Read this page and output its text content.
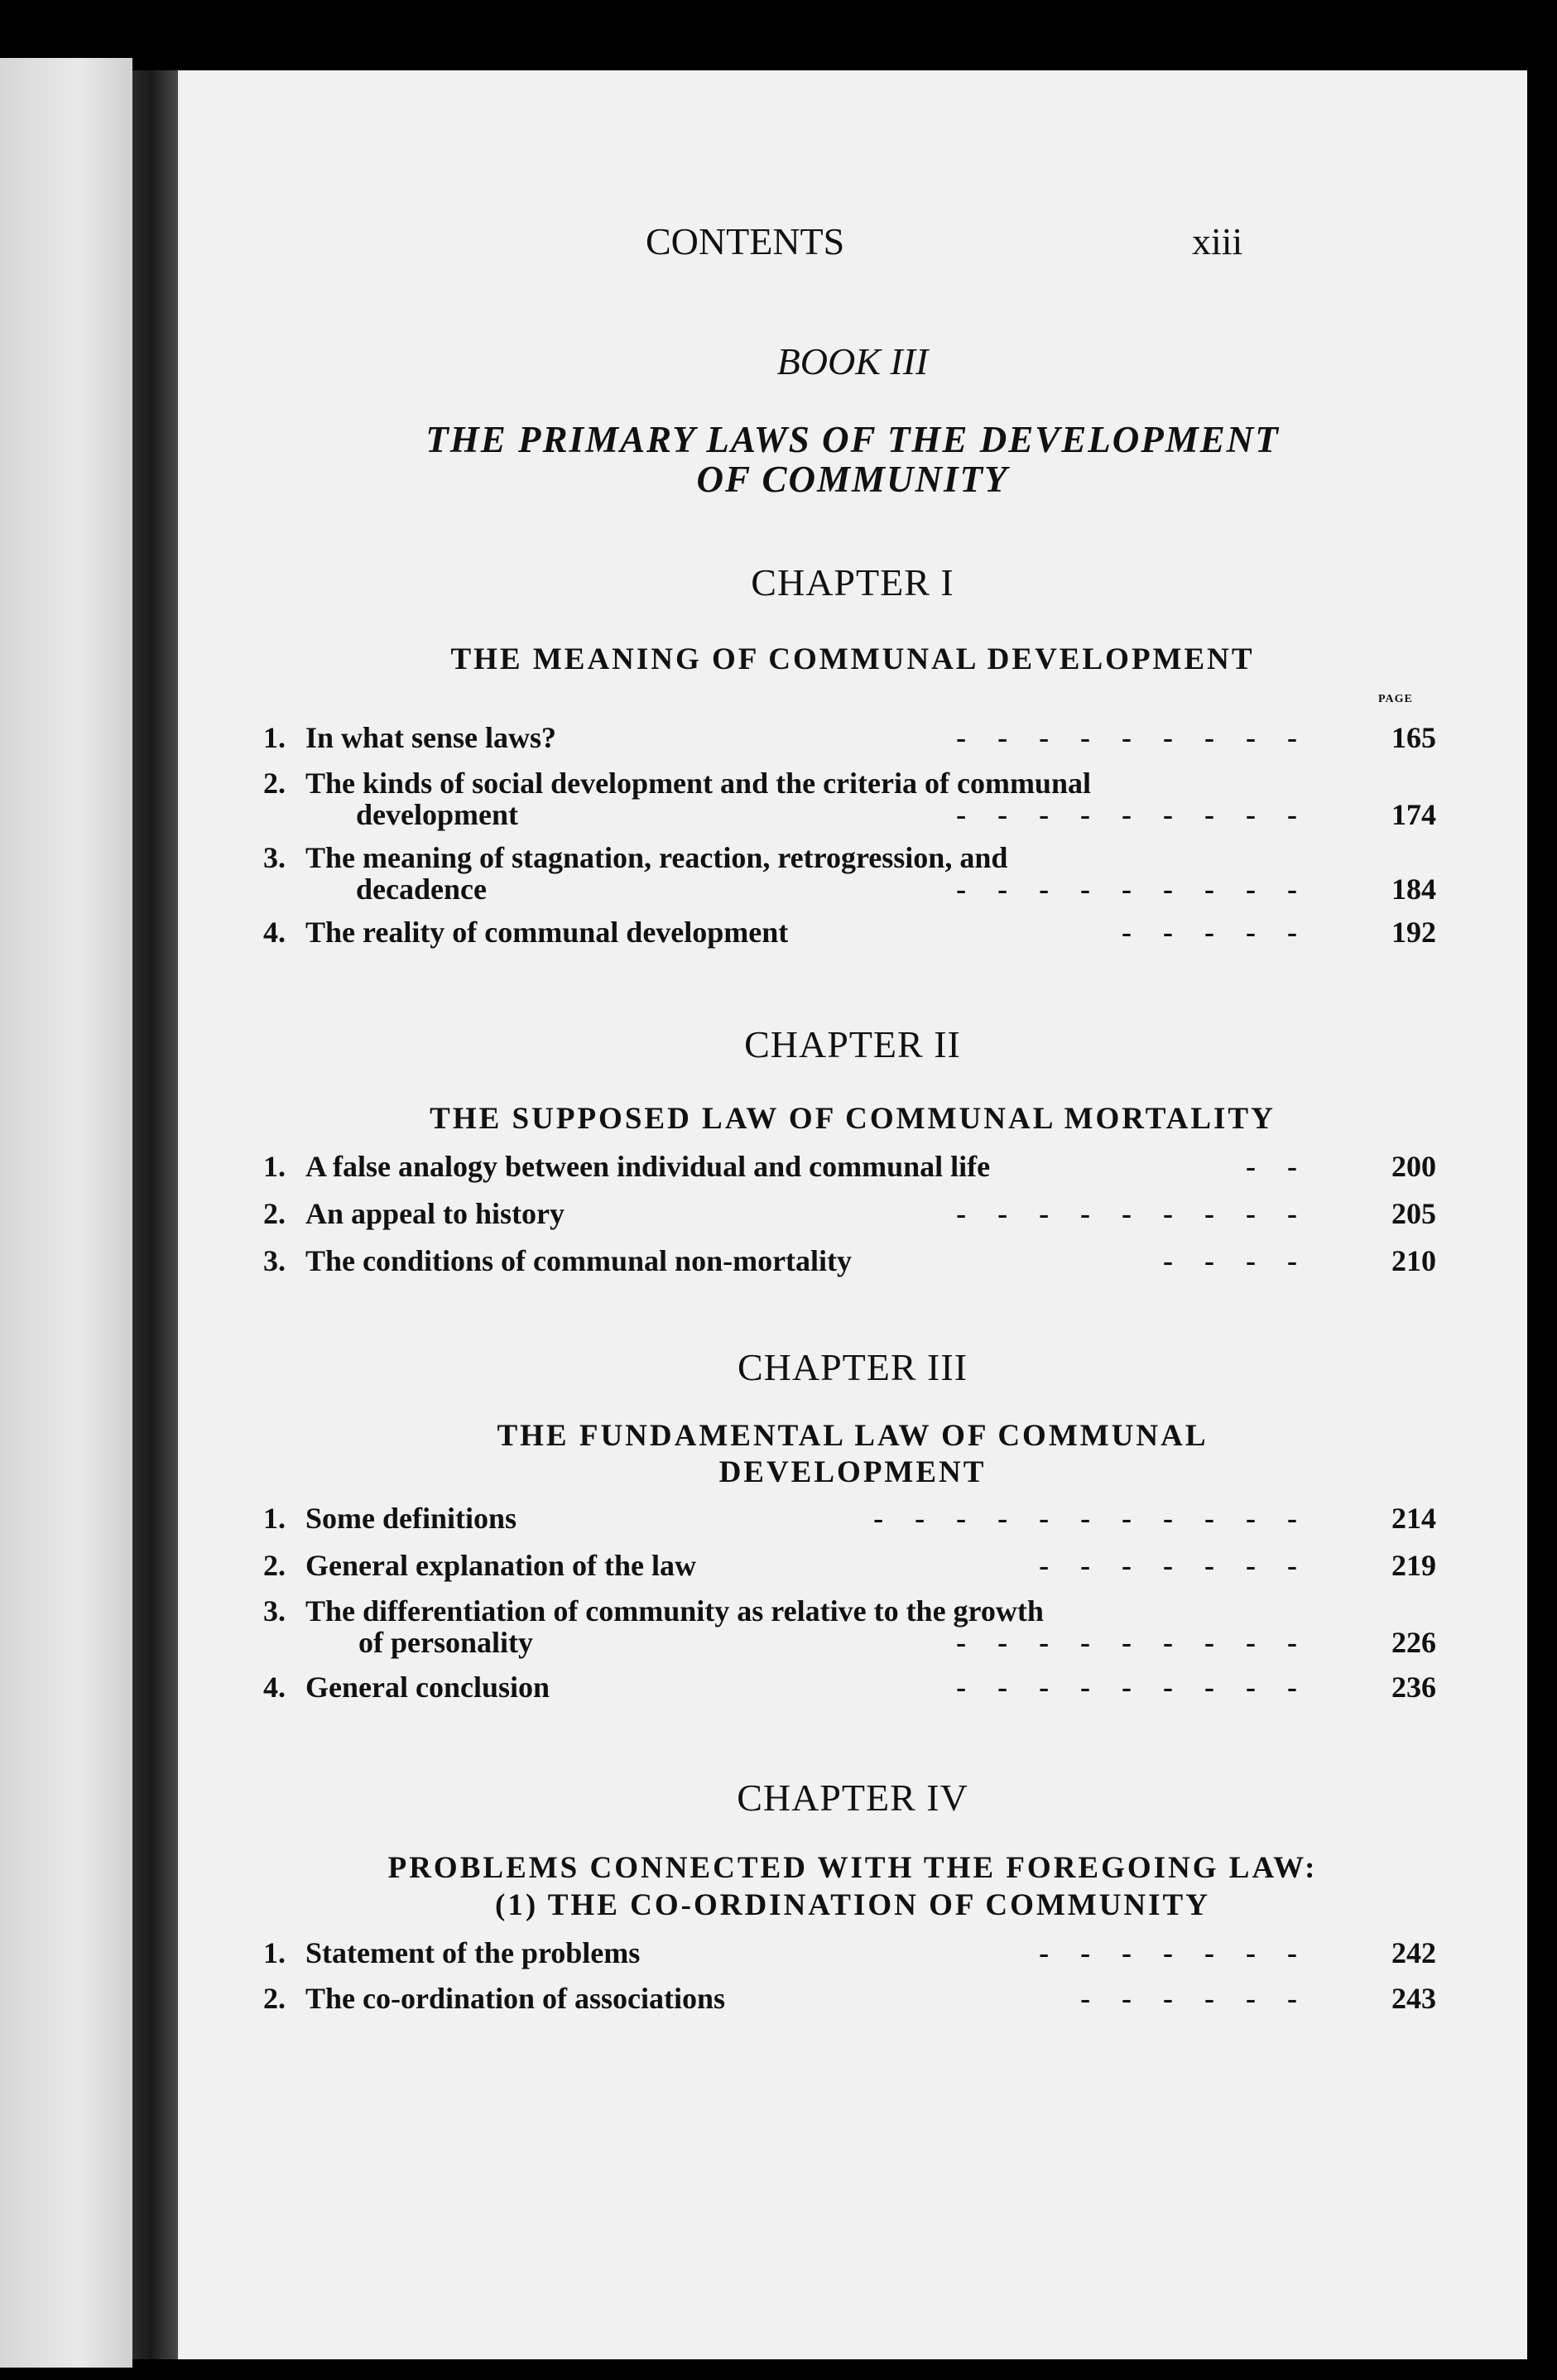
CONTENTS	xiii
BOOK III
THE PRIMARY LAWS OF THE DEVELOPMENT
OF COMMUNITY
CHAPTER I
THE MEANING OF COMMUNAL DEVELOPMENT
PAGE
1. In what sense laws?	---------	165
2. The kinds of social development and the criteria of communal
development	---------	174
3. The meaning of stagnation, reaction, retrogression, and
decadence	---------	184
4. The reality of communal development	-----	192
CHAPTER II
THE SUPPOSED LAW OF COMMUNAL MORTALITY
1. A false analogy between individual and communal life	--	200
2. An appeal to history	---------	205
3. The conditions of communal non-mortality	----	210
CHAPTER III
THE FUNDAMENTAL LAW OF COMMUNAL
DEVELOPMENT
1. Some definitions	-----------	214
2. General explanation of the law	-------	219
3. The differentiation of community as relative to the growth
of personality	---------	226
4. General conclusion	---------	236
CHAPTER IV
PROBLEMS CONNECTED WITH THE FOREGOING LAW:
(1) THE CO-ORDINATION OF COMMUNITY
1. Statement of the problems	-------	242
2. The co-ordination of associations	------	243
